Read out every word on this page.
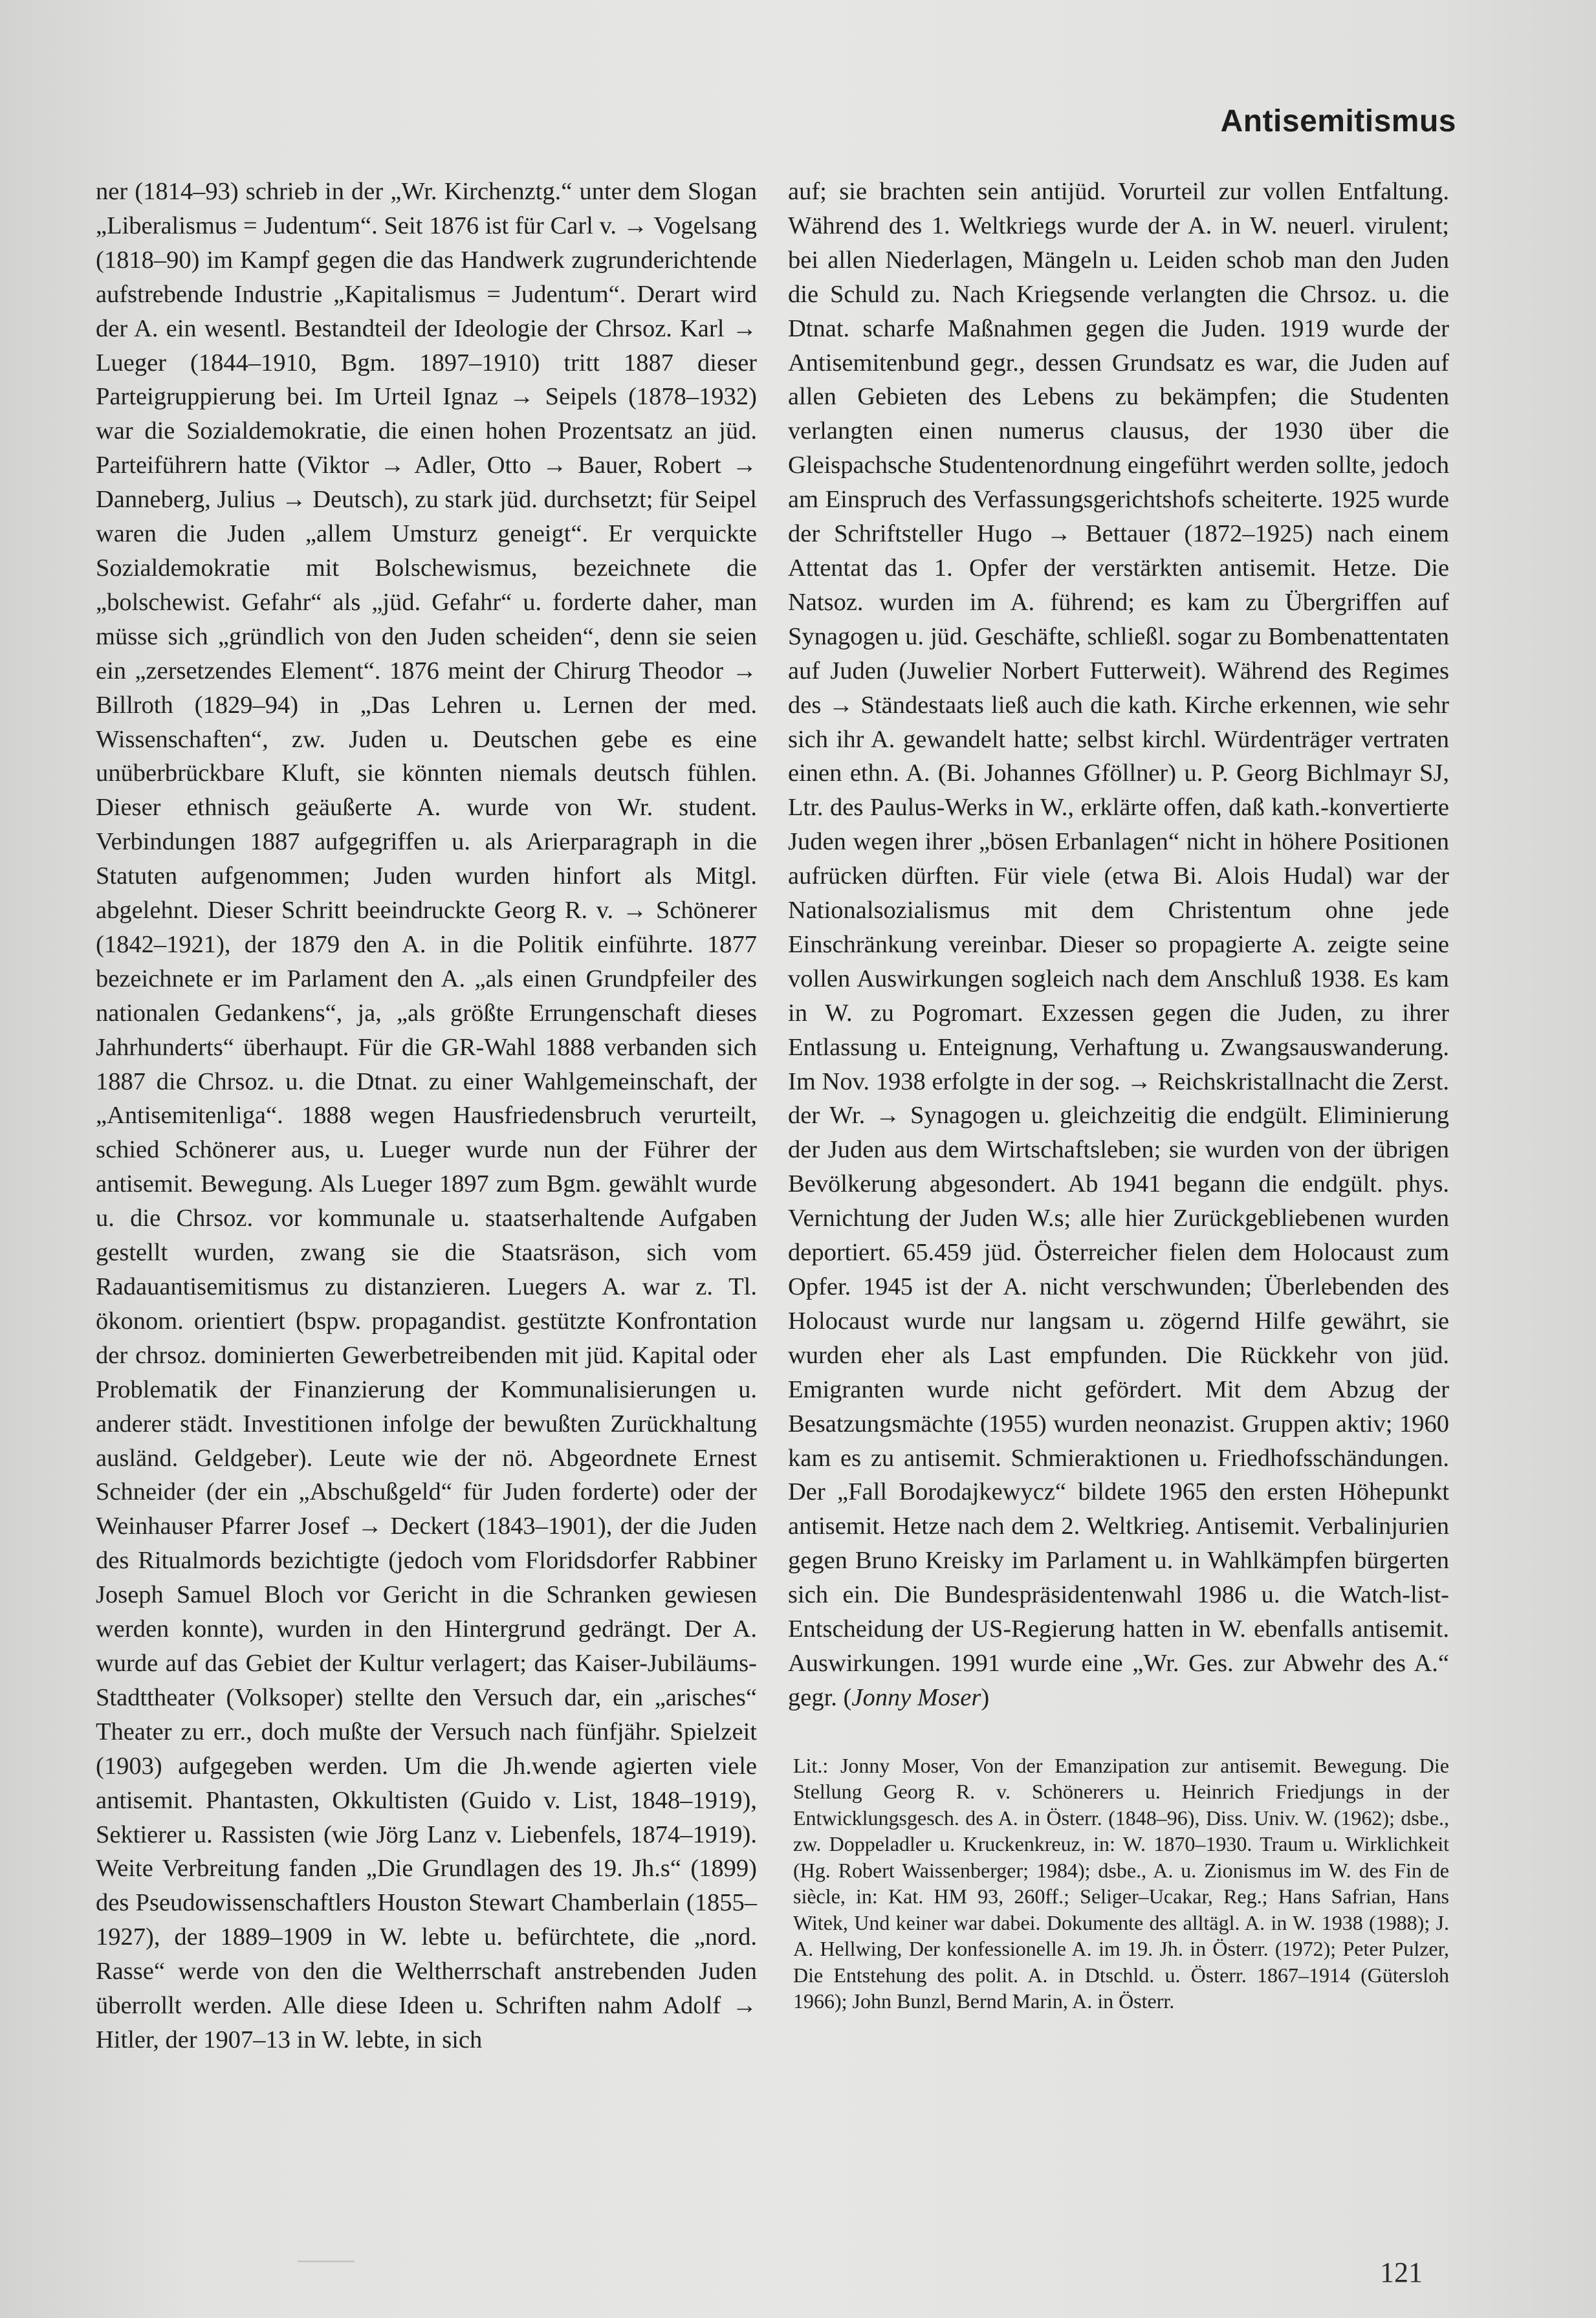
Antisemitismus
ner (1814–93) schrieb in der „Wr. Kirchenztg.“ unter dem Slogan „Liberalismus = Judentum“. Seit 1876 ist für Carl v. → Vogelsang (1818–90) im Kampf gegen die das Handwerk zugrunderichtende aufstrebende Industrie „Kapitalismus = Judentum“. Derart wird der A. ein wesentl. Bestandteil der Ideologie der Chrsoz. Karl → Lueger (1844–1910, Bgm. 1897–1910) tritt 1887 dieser Parteigruppierung bei. Im Urteil Ignaz → Seipels (1878–1932) war die Sozialdemokratie, die einen hohen Prozentsatz an jüd. Parteiführern hatte (Viktor → Adler, Otto → Bauer, Robert → Danneberg, Julius → Deutsch), zu stark jüd. durchsetzt; für Seipel waren die Juden „allem Umsturz geneigt“. Er verquickte Sozialdemokratie mit Bolschewismus, bezeichnete die „bolschewist. Gefahr“ als „jüd. Gefahr“ u. forderte daher, man müsse sich „gründlich von den Juden scheiden“, denn sie seien ein „zersetzendes Element“. 1876 meint der Chirurg Theodor → Billroth (1829–94) in „Das Lehren u. Lernen der med. Wissenschaften“, zw. Juden u. Deutschen gebe es eine unüberbrückbare Kluft, sie könnten niemals deutsch fühlen. Dieser ethnisch geäußerte A. wurde von Wr. student. Verbindungen 1887 aufgegriffen u. als Arierparagraph in die Statuten aufgenommen; Juden wurden hinfort als Mitgl. abgelehnt. Dieser Schritt beeindruckte Georg R. v. → Schönerer (1842–1921), der 1879 den A. in die Politik einführte. 1877 bezeichnete er im Parlament den A. „als einen Grundpfeiler des nationalen Gedankens“, ja, „als größte Errungenschaft dieses Jahrhunderts“ überhaupt. Für die GR-Wahl 1888 verbanden sich 1887 die Chrsoz. u. die Dtnat. zu einer Wahlgemeinschaft, der „Antisemitenliga“. 1888 wegen Hausfriedensbruch verurteilt, schied Schönerer aus, u. Lueger wurde nun der Führer der antisemit. Bewegung. Als Lueger 1897 zum Bgm. gewählt wurde u. die Chrsoz. vor kommunale u. staatserhaltende Aufgaben gestellt wurden, zwang sie die Staatsräson, sich vom Radauantisemitismus zu distanzieren. Luegers A. war z. Tl. ökonom. orientiert (bspw. propagandist. gestützte Konfrontation der chrsoz. dominierten Gewerbetreibenden mit jüd. Kapital oder Problematik der Finanzierung der Kommunalisierungen u. anderer städt. Investitionen infolge der bewußten Zurückhaltung ausländ. Geldgeber). Leute wie der nö. Abgeordnete Ernest Schneider (der ein „Abschußgeld“ für Juden forderte) oder der Weinhauser Pfarrer Josef → Deckert (1843–1901), der die Juden des Ritualmords bezichtigte (jedoch vom Floridsdorfer Rabbiner Joseph Samuel Bloch vor Gericht in die Schranken gewiesen werden konnte), wurden in den Hintergrund gedrängt. Der A. wurde auf das Gebiet der Kultur verlagert; das Kaiser-Jubiläums-Stadttheater (Volksoper) stellte den Versuch dar, ein „arisches“ Theater zu err., doch mußte der Versuch nach fünfjähr. Spielzeit (1903) aufgegeben werden. Um die Jh.wende agierten viele antisemit. Phantasten, Okkultisten (Guido v. List, 1848–1919), Sektierer u. Rassisten (wie Jörg Lanz v. Liebenfels, 1874–1919). Weite Verbreitung fanden „Die Grundlagen des 19. Jh.s“ (1899) des Pseudowissenschaftlers Houston Stewart Chamberlain (1855–1927), der 1889–1909 in W. lebte u. befürchtete, die „nord. Rasse“ werde von den die Weltherrschaft anstrebenden Juden überrollt werden. Alle diese Ideen u. Schriften nahm Adolf → Hitler, der 1907–13 in W. lebte, in sich
auf; sie brachten sein antijüd. Vorurteil zur vollen Entfaltung. Während des 1. Weltkriegs wurde der A. in W. neuerl. virulent; bei allen Niederlagen, Mängeln u. Leiden schob man den Juden die Schuld zu. Nach Kriegsende verlangten die Chrsoz. u. die Dtnat. scharfe Maßnahmen gegen die Juden. 1919 wurde der Antisemitenbund gegr., dessen Grundsatz es war, die Juden auf allen Gebieten des Lebens zu bekämpfen; die Studenten verlangten einen numerus clausus, der 1930 über die Gleispachsche Studentenordnung eingeführt werden sollte, jedoch am Einspruch des Verfassungsgerichtshofs scheiterte. 1925 wurde der Schriftsteller Hugo → Bettauer (1872–1925) nach einem Attentat das 1. Opfer der verstärkten antisemit. Hetze. Die Natsoz. wurden im A. führend; es kam zu Übergriffen auf Synagogen u. jüd. Geschäfte, schließl. sogar zu Bombenattentaten auf Juden (Juwelier Norbert Futterweit). Während des Regimes des → Ständestaats ließ auch die kath. Kirche erkennen, wie sehr sich ihr A. gewandelt hatte; selbst kirchl. Würdenträger vertraten einen ethn. A. (Bi. Johannes Gföllner) u. P. Georg Bichlmayr SJ, Ltr. des Paulus-Werks in W., erklärte offen, daß kath.-konvertierte Juden wegen ihrer „bösen Erbanlagen“ nicht in höhere Positionen aufrücken dürften. Für viele (etwa Bi. Alois Hudal) war der Nationalsozialismus mit dem Christentum ohne jede Einschränkung vereinbar. Dieser so propagierte A. zeigte seine vollen Auswirkungen sogleich nach dem Anschluß 1938. Es kam in W. zu Pogromart. Exzessen gegen die Juden, zu ihrer Entlassung u. Enteignung, Verhaftung u. Zwangsauswanderung. Im Nov. 1938 erfolgte in der sog. → Reichskristallnacht die Zerst. der Wr. → Synagogen u. gleichzeitig die endgült. Eliminierung der Juden aus dem Wirtschaftsleben; sie wurden von der übrigen Bevölkerung abgesondert. Ab 1941 begann die endgült. phys. Vernichtung der Juden W.s; alle hier Zurückgebliebenen wurden deportiert. 65.459 jüd. Österreicher fielen dem Holocaust zum Opfer. 1945 ist der A. nicht verschwunden; Überlebenden des Holocaust wurde nur langsam u. zögernd Hilfe gewährt, sie wurden eher als Last empfunden. Die Rückkehr von jüd. Emigranten wurde nicht gefördert. Mit dem Abzug der Besatzungsmächte (1955) wurden neonazist. Gruppen aktiv; 1960 kam es zu antisemit. Schmieraktionen u. Friedhofsschändungen. Der „Fall Borodajkewycz“ bildete 1965 den ersten Höhepunkt antisemit. Hetze nach dem 2. Weltkrieg. Antisemit. Verbalinjurien gegen Bruno Kreisky im Parlament u. in Wahlkämpfen bürgerten sich ein. Die Bundespräsidentenwahl 1986 u. die Watch-list-Entscheidung der US-Regierung hatten in W. ebenfalls antisemit. Auswirkungen. 1991 wurde eine „Wr. Ges. zur Abwehr des A.“ gegr. (Jonny Moser)
Lit.: Jonny Moser, Von der Emanzipation zur antisemit. Bewegung. Die Stellung Georg R. v. Schönerers u. Heinrich Friedjungs in der Entwicklungsgesch. des A. in Österr. (1848–96), Diss. Univ. W. (1962); dsbe., zw. Doppeladler u. Kruckenkreuz, in: W. 1870–1930. Traum u. Wirklichkeit (Hg. Robert Waissenberger; 1984); dsbe., A. u. Zionismus im W. des Fin de siècle, in: Kat. HM 93, 260ff.; Seliger–Ucakar, Reg.; Hans Safrian, Hans Witek, Und keiner war dabei. Dokumente des alltägl. A. in W. 1938 (1988); J. A. Hellwing, Der konfessionelle A. im 19. Jh. in Österr. (1972); Peter Pulzer, Die Entstehung des polit. A. in Dtschld. u. Österr. 1867–1914 (Gütersloh 1966); John Bunzl, Bernd Marin, A. in Österr.
121
